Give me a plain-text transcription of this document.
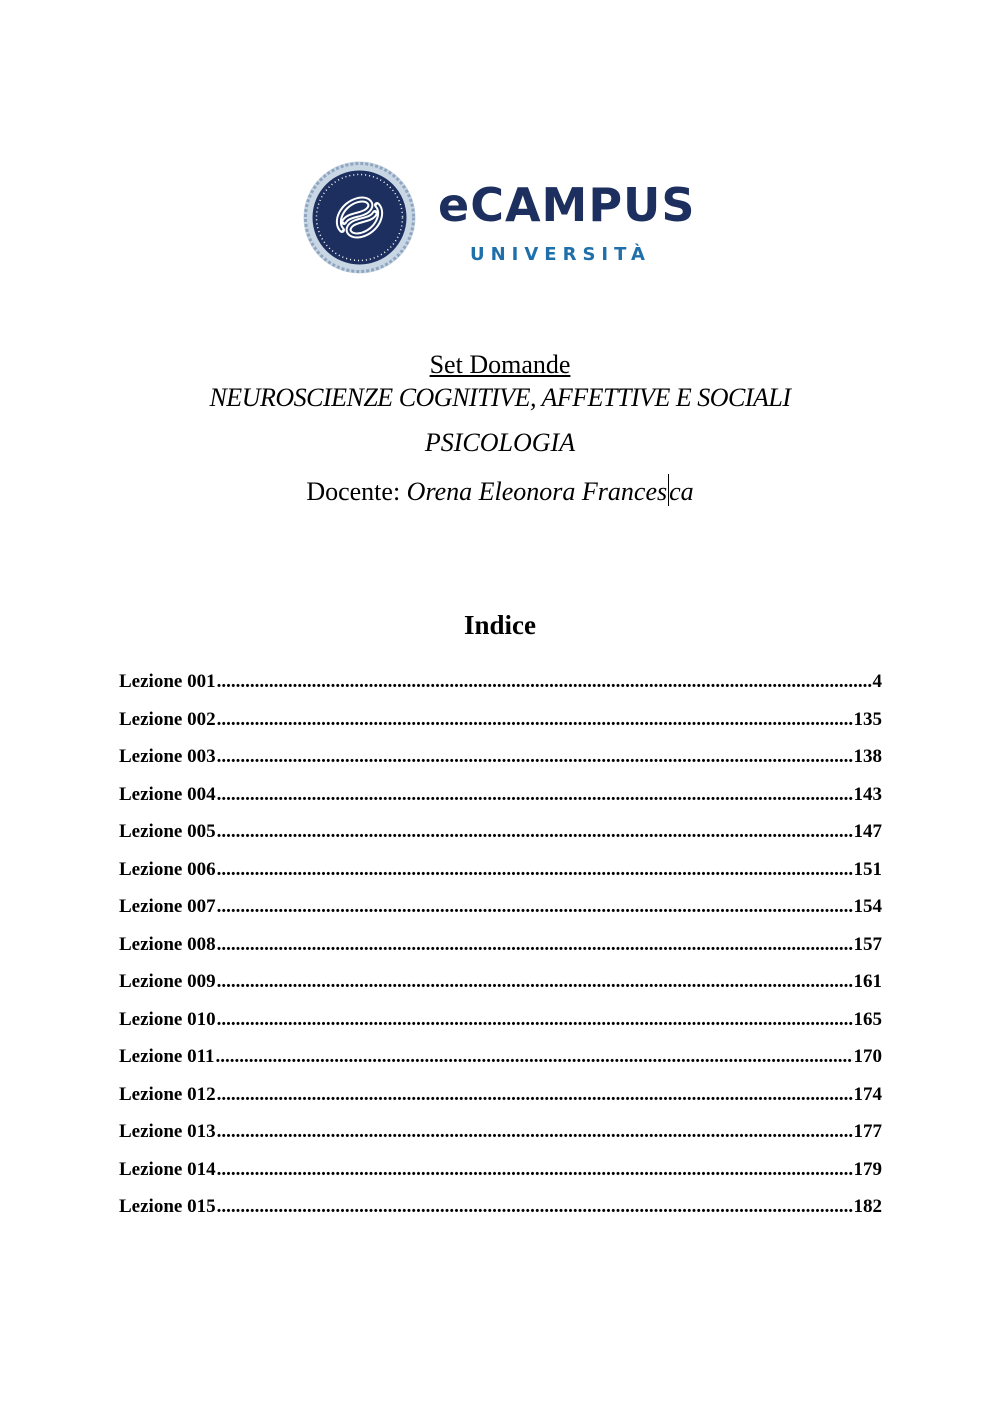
eCAMPUS
UNIVERSITÀ
Set Domande
NEUROSCIENZE COGNITIVE, AFFETTIVE E SOCIALI
PSICOLOGIA
Docente: Orena Eleonora Francesca
Indice
Lezione 001 .....	4
Lezione 002 .....	135
Lezione 003 .....	138
Lezione 004 .....	143
Lezione 005 .....	147
Lezione 006 .....	151
Lezione 007 .....	154
Lezione 008 .....	157
Lezione 009 .....	161
Lezione 010 .....	165
Lezione 011 .....	170
Lezione 012 .....	174
Lezione 013 .....	177
Lezione 014 .....	179
Lezione 015 .....	182
